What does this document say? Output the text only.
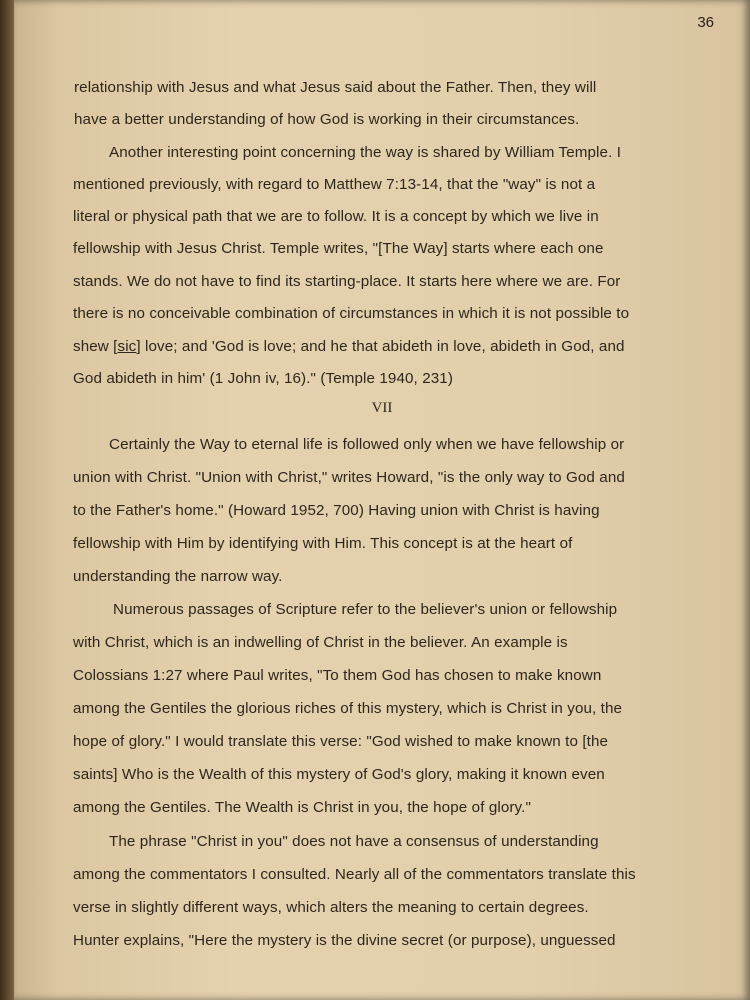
36
relationship with Jesus and what Jesus said about the Father. Then, they will
have a better understanding of how God is working in their circumstances.
Another interesting point concerning the way is shared by William Temple. I
mentioned previously, with regard to Matthew 7:13-14, that the "way" is not a
literal or physical path that we are to follow. It is a concept by which we live in
fellowship with Jesus Christ. Temple writes, "[The Way] starts where each one
stands. We do not have to find its starting-place. It starts here where we are. For
there is no conceivable combination of circumstances in which it is not possible to
shew [sic] love; and 'God is love; and he that abideth in love, abideth in God, and
God abideth in him' (1 John iv, 16)." (Temple 1940, 231)
VII
Certainly the Way to eternal life is followed only when we have fellowship or
union with Christ. "Union with Christ," writes Howard, "is the only way to God and
to the Father's home." (Howard 1952, 700) Having union with Christ is having
fellowship with Him by identifying with Him. This concept is at the heart of
understanding the narrow way.
Numerous passages of Scripture refer to the believer's union or fellowship
with Christ, which is an indwelling of Christ in the believer. An example is
Colossians 1:27 where Paul writes, "To them God has chosen to make known
among the Gentiles the glorious riches of this mystery, which is Christ in you, the
hope of glory." I would translate this verse: "God wished to make known to [the
saints] Who is the Wealth of this mystery of God's glory, making it known even
among the Gentiles. The Wealth is Christ in you, the hope of glory."
The phrase "Christ in you" does not have a consensus of understanding
among the commentators I consulted. Nearly all of the commentators translate this
verse in slightly different ways, which alters the meaning to certain degrees.
Hunter explains, "Here the mystery is the divine secret (or purpose), unguessed
